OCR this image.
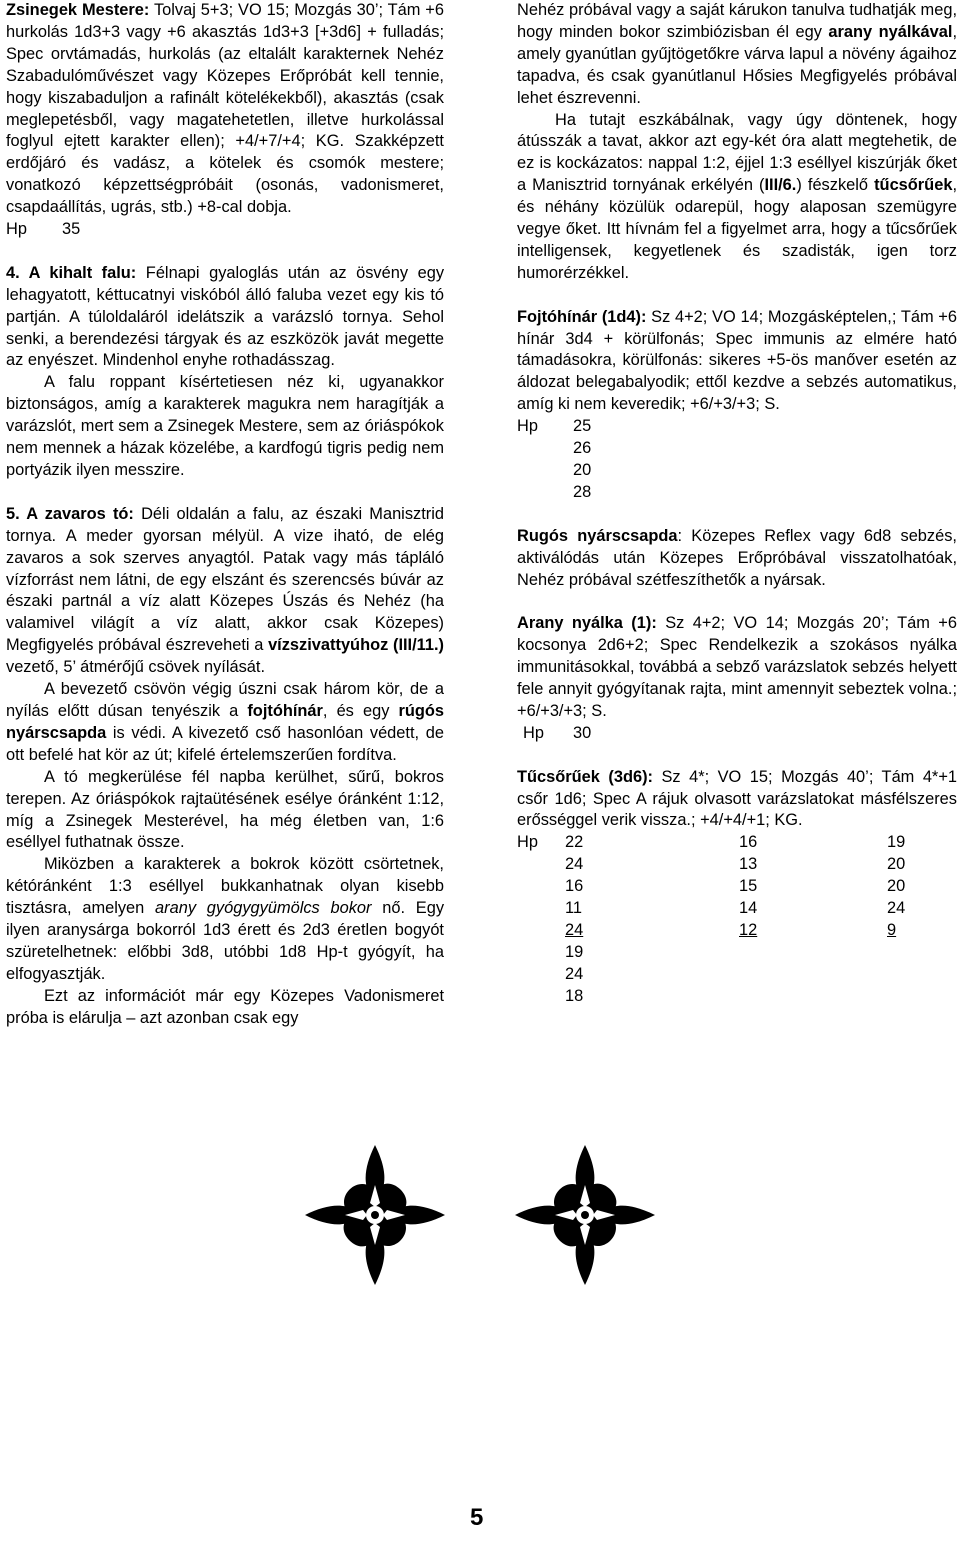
Zsinegek Mestere: Tolvaj 5+3; VO 15; Mozgás 30’; Tám +6 hurkolás 1d3+3 vagy +6 akasztás 1d3+3 [+3d6] + fulladás; Spec orvtámadás, hurkolás (az eltalált karakternek Nehéz Szabadulóművészet vagy Közepes Erőpróbát kell tennie, hogy kiszabaduljon a rafinált kötelékekből), akasztás (csak meglepetésből, vagy magatehetetlen, illetve hurkolással foglyul ejtett karakter ellen); +4/+7/+4; KG. Szakképzett erdőjáró és vadász, a kötelek és csomók mestere; vonatkozó képzettségpróbáit (osonás, vadonismeret, csapdaállítás, ugrás, stb.) +8-cal dobja.

Hp	35

4. A kihalt falu: Félnapi gyaloglás után az ösvény egy lehagyatott, kéttucatnyi viskóból álló faluba vezet egy kis tó partján. A túloldaláról idelátszik a varázsló tornya. Sehol senki, a berendezési tárgyak és az eszközök javát megette az enyészet. Mindenhol enyhe rothadásszag.

A falu roppant kísértetiesen néz ki, ugyanakkor biztonságos, amíg a karakterek magukra nem haragítják a varázslót, mert sem a Zsinegek Mestere, sem az óriáspókok nem mennek a házak közelébe, a kardfogú tigris pedig nem portyázik ilyen messzire.

5. A zavaros tó: Déli oldalán a falu, az északi Manisztrid tornya. A meder gyorsan mélyül. A vize iható, de elég zavaros a sok szerves anyagtól. Patak vagy más tápláló vízforrást nem látni, de egy elszánt és szerencsés búvár az északi partnál a víz alatt Közepes Úszás és Nehéz (ha valamivel világít a víz alatt, akkor csak Közepes) Megfigyelés próbával észreveheti a vízszivattyúhoz (III/11.) vezető, 5’ átmérőjű csövek nyílását.

A bevezető csövön végig úszni csak három kör, de a nyílás előtt dúsan tenyészik a fojtóhínár, és egy rúgós nyárscsapda is védi. A kivezető cső hasonlóan védett, de ott befelé hat kör az út; kifelé értelemszerűen fordítva.

A tó megkerülése fél napba kerülhet, sűrű, bokros terepen. Az óriáspókok rajtaütésének esélye óránként 1:12, míg a Zsinegek Mesterével, ha még életben van, 1:6 eséllyel futhatnak össze.

Miközben a karakterek a bokrok között csörtetnek, kétóránként 1:3 eséllyel bukkanhatnak olyan kisebb tisztásra, amelyen arany gyógygyümölcs bokor nő. Egy ilyen aranysárga bokorról 1d3 érett és 2d3 éretlen bogyót szüretelhetnek: előbbi 3d8, utóbbi 1d8 Hp-t gyógyít, ha elfogyasztják.

Ezt az információt már egy Közepes Vadonismeret próba is elárulja – azt azonban csak egy

Nehéz próbával vagy a saját kárukon tanulva tudhatják meg, hogy minden bokor szimbiózisban él egy arany nyálkával, amely gyanútlan gyűjtögetőkre várva lapul a növény ágaihoz tapadva, és csak gyanútlanul Hősies Megfigyelés próbával lehet észrevenni.

Ha tutajt eszkábálnak, vagy úgy döntenek, hogy átússzák a tavat, akkor azt egy-két óra alatt megtehetik, de ez is kockázatos: nappal 1:2, éjjel 1:3 eséllyel kiszúrják őket a Manisztrid tornyának erkélyén (III/6.) fészkelő tűcsőrűek, és néhány közülük odarepül, hogy alaposan szemügyre vegye őket. Itt hívnám fel a figyelmet arra, hogy a tűcsőrűek intelligensek, kegyetlenek és szadisták, igen torz humorérzékkel.

Fojtóhínár (1d4): Sz 4+2; VO 14; Mozgásképtelen,; Tám +6 hínár 3d4 + körülfonás; Spec immunis az elmére ható támadásokra, körülfonás: sikeres +5-ös manőver esetén az áldozat belegabalyodik; ettől kezdve a sebzés automatikus, amíg ki nem keveredik; +6/+3/+3; S.

Hp	25
26
20
28

Rugós nyárscsapda: Közepes Reflex vagy 6d8 sebzés, aktiválódás után Közepes Erőpróbával visszatolhatóak, Nehéz próbával szétfeszíthetők a nyársak.

Arany nyálka (1): Sz 4+2; VO 14; Mozgás 20’; Tám +6 kocsonya 2d6+2; Spec Rendelkezik a szokásos nyálka immunitásokkal, továbbá a sebző varázslatok sebzés helyett fele annyit gyógyítanak rajta, mint amennyit sebeztek volna.; +6/+3/+3; S.

Hp	30

Tűcsőrűek (3d6): Sz 4*; VO 15; Mozgás 40’; Tám 4*+1 csőr 1d6; Spec A rájuk olvasott varázslatokat másfélszeres erősséggel verik vissza.; +4/+4/+1; KG.

Hp	22	16	19
	24	13	20
	16	15	20
	11	14	24
	24	12	9
	19		
	24		
	18		
5
